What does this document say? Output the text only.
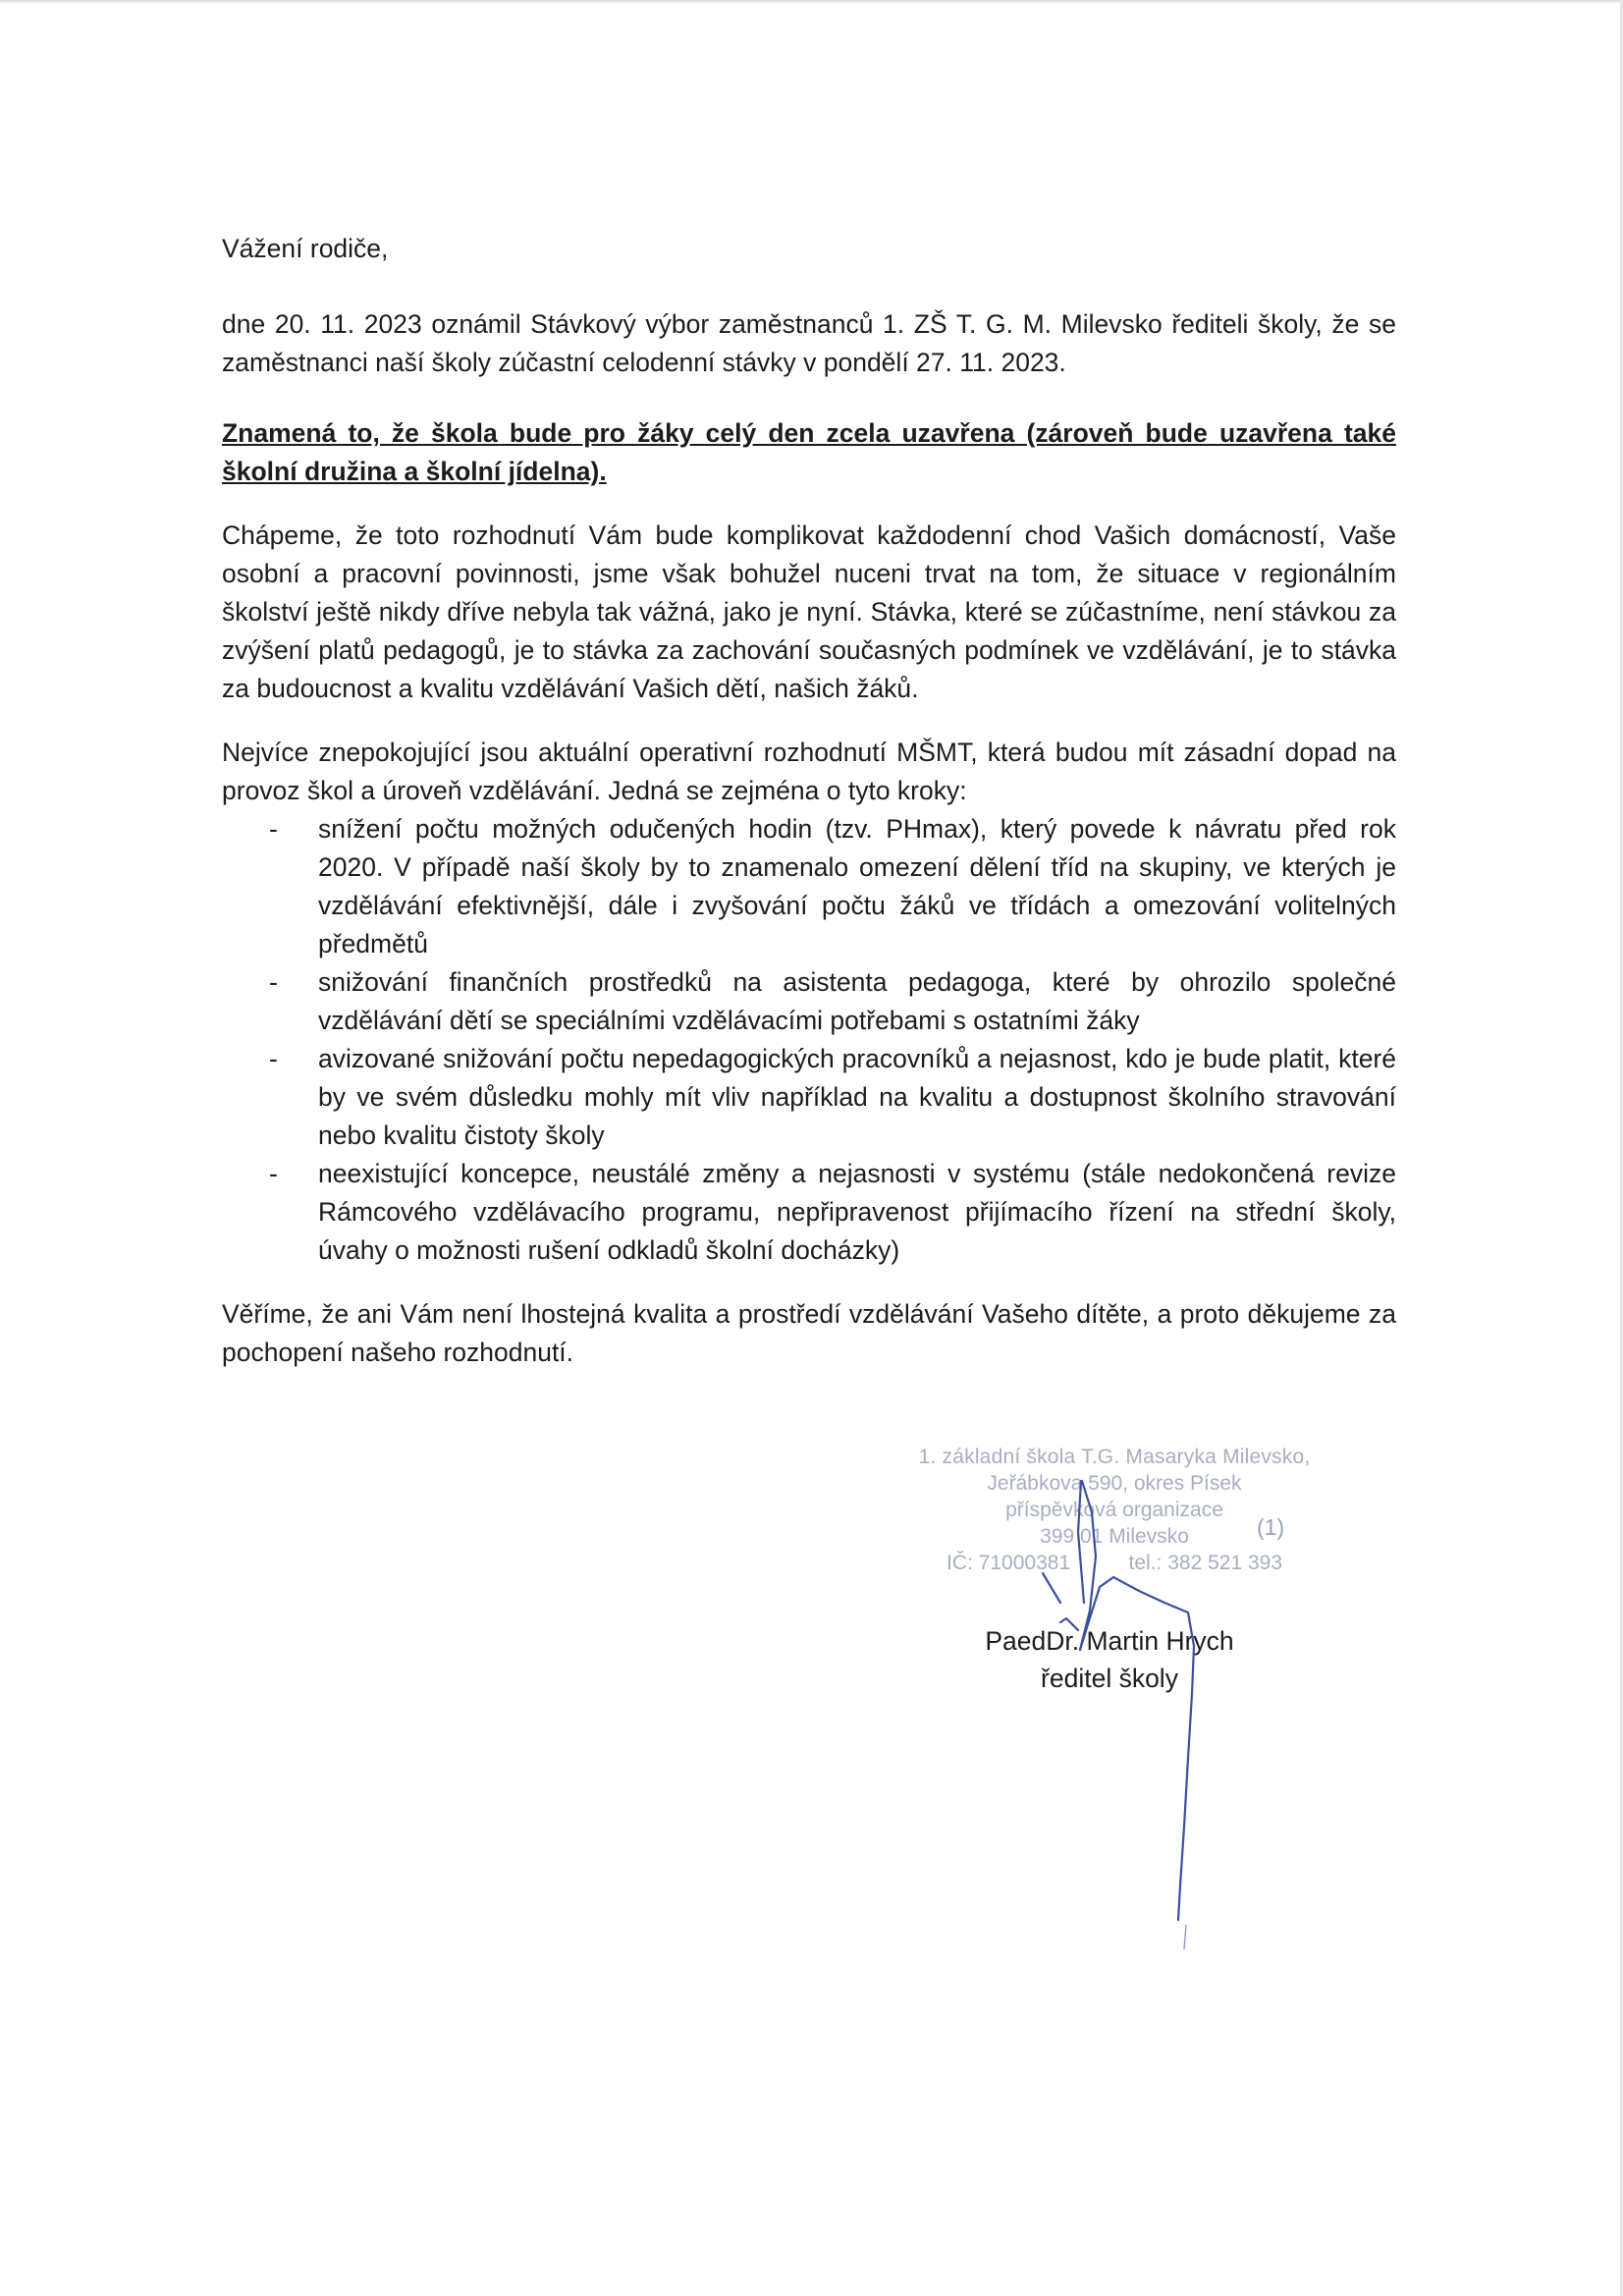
Vážení rodiče,

dne 20. 11. 2023 oznámil Stávkový výbor zaměstnanců 1. ZŠ T. G. M. Milevsko řediteli školy, že se zaměstnanci naší školy zúčastní celodenní stávky v pondělí 27. 11. 2023.

Znamená to, že škola bude pro žáky celý den zcela uzavřena (zároveň bude uzavřena také školní družina a školní jídelna).

Chápeme, že toto rozhodnutí Vám bude komplikovat každodenní chod Vašich domácností, Vaše osobní a pracovní povinnosti, jsme však bohužel nuceni trvat na tom, že situace v regionálním školství ještě nikdy dříve nebyla tak vážná, jako je nyní. Stávka, které se zúčastníme, není stávkou za zvýšení platů pedagogů, je to stávka za zachování současných podmínek ve vzdělávání, je to stávka za budoucnost a kvalitu vzdělávání Vašich dětí, našich žáků.

Nejvíce znepokojující jsou aktuální operativní rozhodnutí MŠMT, která budou mít zásadní dopad na provoz škol a úroveň vzdělávání. Jedná se zejména o tyto kroky:

- snížení počtu možných odučených hodin (tzv. PHmax), který povede k návratu před rok 2020. V případě naší školy by to znamenalo omezení dělení tříd na skupiny, ve kterých je vzdělávání efektivnější, dále i zvyšování počtu žáků ve třídách a omezování volitelných předmětů
- snižování finančních prostředků na asistenta pedagoga, které by ohrozilo společné vzdělávání dětí se speciálními vzdělávacími potřebami s ostatními žáky
- avizované snižování počtu nepedagogických pracovníků a nejasnost, kdo je bude platit, které by ve svém důsledku mohly mít vliv například na kvalitu a dostupnost školního stravování nebo kvalitu čistoty školy
- neexistující koncepce, neustálé změny a nejasnosti v systému (stále nedokončená revize Rámcového vzdělávacího programu, nepřipravenost přijímacího řízení na střední školy, úvahy o možnosti rušení odkladů školní docházky)

Věříme, že ani Vám není lhostejná kvalita a prostředí vzdělávání Vašeho dítěte, a proto děkujeme za pochopení našeho rozhodnutí.

1. základní škola T.G. Masaryka Milevsko,
Jeřábkova 590, okres Písek
příspěvková organizace
399 01 Milevsko
IČ: 71000381	tel.: 382 521 393
(1)
PaedDr. Martin Hrych
ředitel školy
